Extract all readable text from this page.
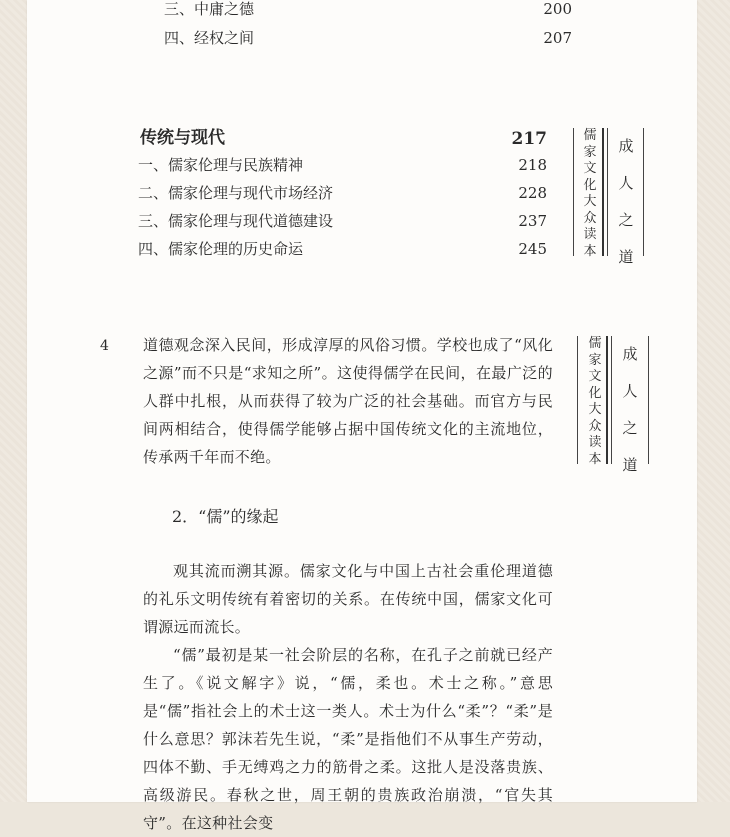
三、中庸之德	200
四、经权之间	207
传统与现代	217
一、儒家伦理与民族精神	218
二、儒家伦理与现代市场经济	228
三、儒家伦理与现代道德建设	237
四、儒家伦理的历史命运	245
儒家文化大众读本
成人之道
4 道德观念深入民间，形成淳厚的风俗习惯。学校也成了“风化之源”而不只是“求知之所”。这使得儒学在民间，在最广泛的人群中扎根，从而获得了较为广泛的社会基础。而官方与民间两相结合，使得儒学能够占据中国传统文化的主流地位，传承两千年而不绝。
儒家文化大众读本
成人之道
2．“儒”的缘起
观其流而溯其源。儒家文化与中国上古社会重伦理道德的礼乐文明传统有着密切的关系。在传统中国，儒家文化可谓源远而流长。
“儒”最初是某一社会阶层的名称，在孔子之前就已经产生了。《说文解字》说，“儒，柔也。术士之称。”意思是“儒”指社会上的术士这一类人。术士为什么“柔”？“柔”是什么意思？郭沫若先生说，“柔”是指他们不从事生产劳动，四体不勤、手无缚鸡之力的筋骨之柔。这批人是没落贵族、高级游民。春秋之世，周王朝的贵族政治崩溃，“官失其守”。在这种社会变
